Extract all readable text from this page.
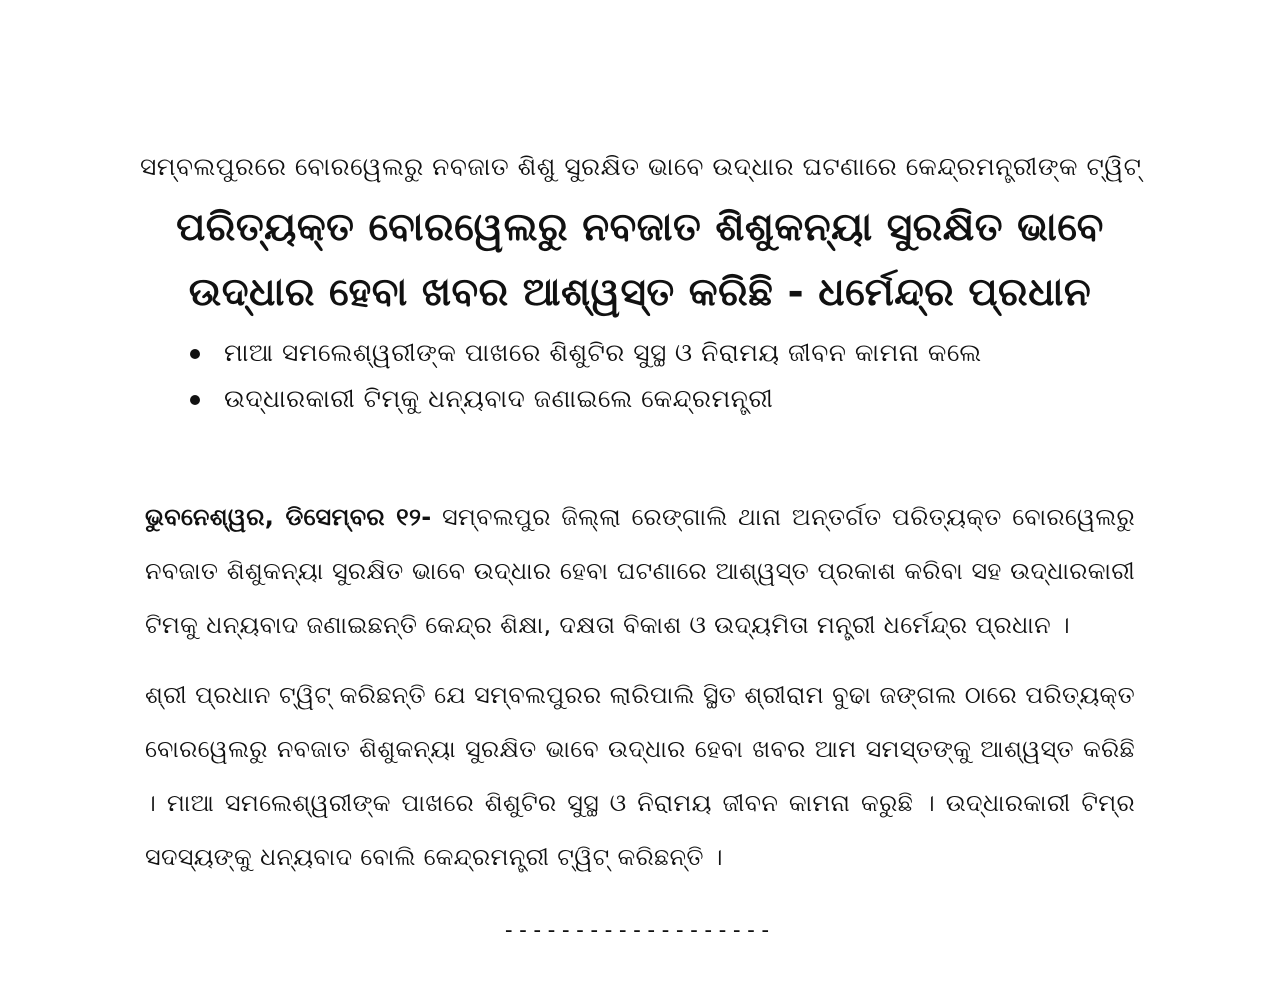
ସମ୍ବଲପୁରରେ ବୋରୱେଲରୁ ନବଜାତ ଶିଶୁ ସୁରକ୍ଷିତ ଭାବେ ଉଦ୍ଧାର ଘଟଣାରେ କେନ୍ଦ୍ରମନ୍ତ୍ରୀଙ୍କ ଟ୍ୱିଟ୍
ପରିତ୍ୟକ୍ତ ବୋରୱେଲରୁ ନବଜାତ ଶିଶୁକନ୍ୟା ସୁରକ୍ଷିତ ଭାବେ
ଉଦ୍ଧାର ହେବା ଖବର ଆଶ୍ୱସ୍ତ କରିଛି - ଧର୍ମେନ୍ଦ୍ର ପ୍ରଧାନ
ମାଆ ସମଲେଶ୍ୱରୀଙ୍କ ପାଖରେ ଶିଶୁଟିର ସୁସ୍ଥ ଓ ନିରାମୟ ଜୀବନ କାମନା କଲେ
ଉଦ୍ଧାରକାରୀ ଟିମ୍‌କୁ ଧନ୍ୟବାଦ ଜଣାଇଲେ କେନ୍ଦ୍ରମନ୍ତ୍ରୀ
ଭୁବନେଶ୍ୱର, ଡିସେମ୍ବର ୧୨- ସମ୍ବଲପୁର ଜିଲ୍ଲା ରେଙ୍ଗାଲି ଥାନା ଅନ୍ତର୍ଗତ ପରିତ୍ୟକ୍ତ ବୋରୱେଲରୁ ନବଜାତ ଶିଶୁକନ୍ୟା ସୁରକ୍ଷିତ ଭାବେ ଉଦ୍ଧାର ହେବା ଘଟଣାରେ ଆଶ୍ୱସ୍ତ ପ୍ରକାଶ କରିବା ସହ ଉଦ୍ଧାରକାରୀ ଟିମକୁ ଧନ୍ୟବାଦ ଜଣାଇଛନ୍ତି କେନ୍ଦ୍ର ଶିକ୍ଷା, ଦକ୍ଷତା ବିକାଶ ଓ ଉଦ୍ୟମିତା ମନ୍ତ୍ରୀ ଧର୍ମେନ୍ଦ୍ର ପ୍ରଧାନ ।
ଶ୍ରୀ ପ୍ରଧାନ ଟ୍ୱିଟ୍ କରିଛନ୍ତି ଯେ ସମ୍ବଲପୁରର ଲାରିପାଲି ସ୍ଥିତ ଶ୍ରୀରାମ ବୁଢା ଜଙ୍ଗଲ ଠାରେ ପରିତ୍ୟକ୍ତ ବୋରୱେଲରୁ ନବଜାତ ଶିଶୁକନ୍ୟା ସୁରକ୍ଷିତ ଭାବେ ଉଦ୍ଧାର ହେବା ଖବର ଆମ ସମସ୍ତଙ୍କୁ ଆଶ୍ୱସ୍ତ କରିଛି । ମାଆ ସମଲେଶ୍ୱରୀଙ୍କ ପାଖରେ ଶିଶୁଟିର ସୁସ୍ଥ ଓ ନିରାମୟ ଜୀବନ କାମନା କରୁଛି । ଉଦ୍ଧାରକାରୀ ଟିମ୍‌ର ସଦସ୍ୟଙ୍କୁ ଧନ୍ୟବାଦ ବୋଲି କେନ୍ଦ୍ରମନ୍ତ୍ରୀ ଟ୍ୱିଟ୍ କରିଛନ୍ତି ।
-------------------
